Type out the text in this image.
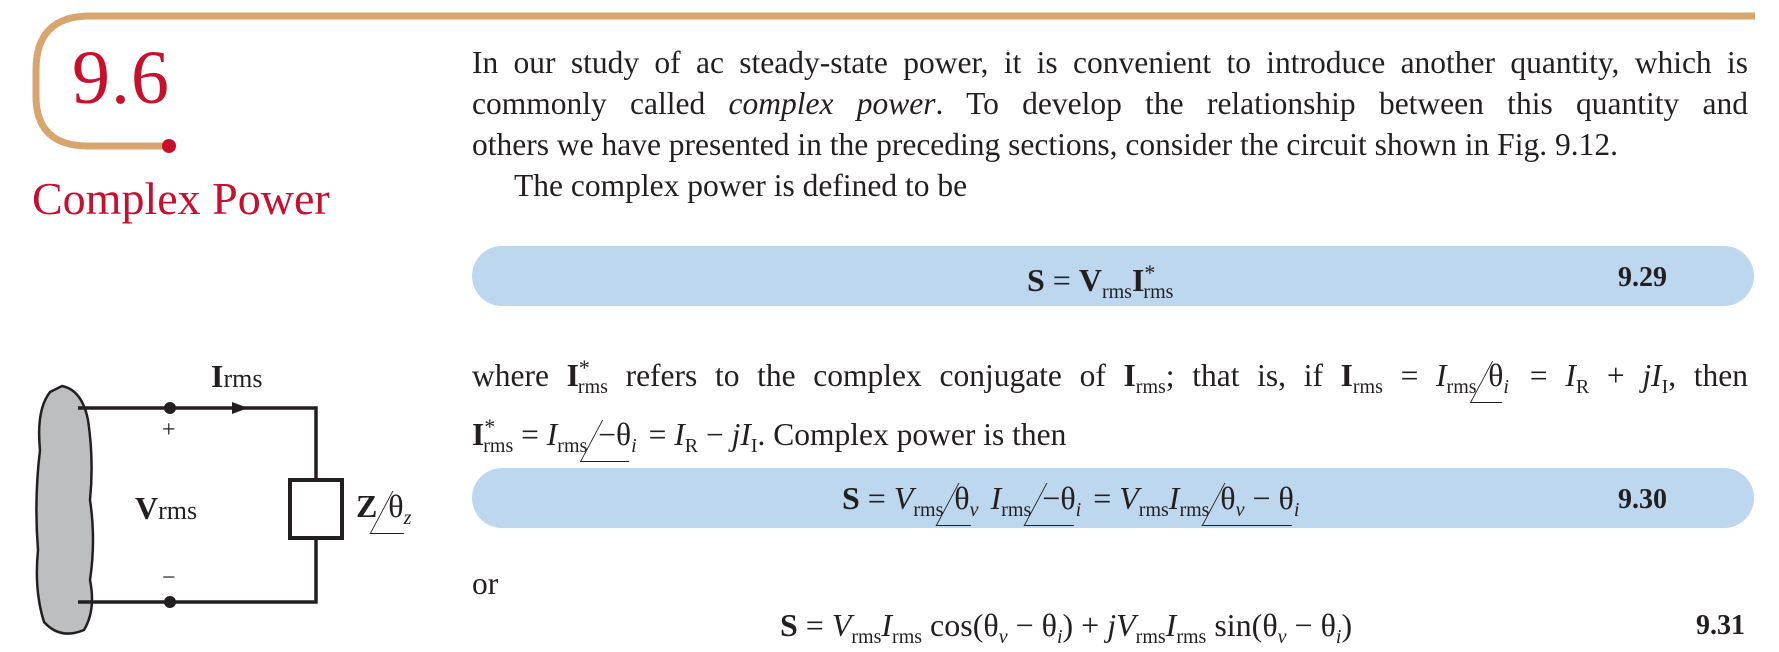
9.6
Complex Power
In our study of ac steady-state power, it is convenient to introduce another quantity, which is
commonly called complex power. To develop the relationship between this quantity and
others we have presented in the preceding sections, consider the circuit shown in Fig. 9.12.
The complex power is defined to be
$S = V_{rms}I^*_{rms}$	9.29
where $I^*_{rms}$ refers to the complex conjugate of $I_{rms}$; that is, if $I_{rms} = I_{rms}$ $\theta_i = I_R + jI_I$, then
$I^*_{rms} = I_{rms} -\theta_i = I_R - jI_I$. Complex power is then
$S = V_{rms}$ $\theta_v$ $I_{rms} -\theta_i = V_{rms}I_{rms}$ $\theta_v - \theta_i$	9.30
or
$S = V_{rms}I_{rms}$ $\cos(\theta_v - \theta_i) + jV_{rms}I_{rms}$ $\sin(\theta_v - \theta_i)$	9.31
Irms
+
Vrms
−
Z $\theta_z$
